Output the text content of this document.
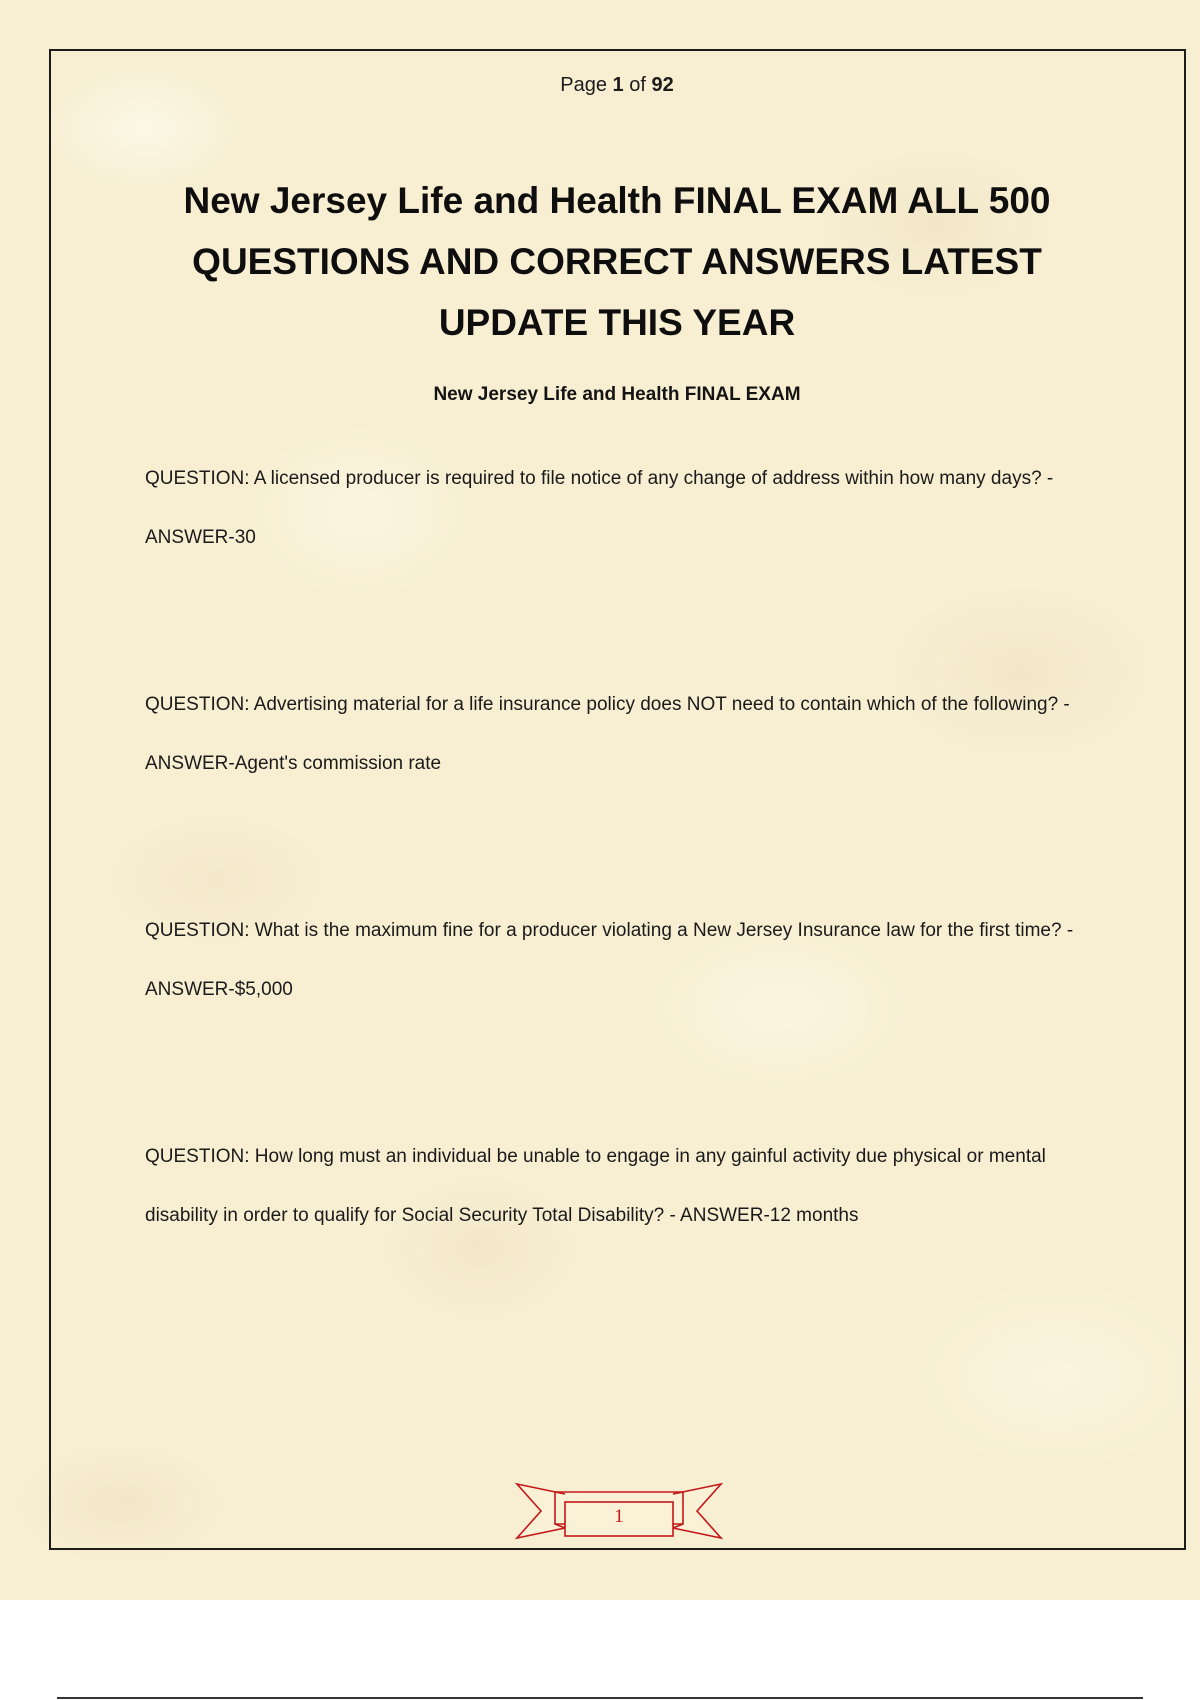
Page 1 of 92
New Jersey Life and Health FINAL EXAM ALL 500 QUESTIONS AND CORRECT ANSWERS LATEST UPDATE THIS YEAR
New Jersey Life and Health FINAL EXAM

QUESTION: A licensed producer is required to file notice of any change of address within how many days? - ANSWER-30

QUESTION: Advertising material for a life insurance policy does NOT need to contain which of the following? - ANSWER-Agent's commission rate

QUESTION: What is the maximum fine for a producer violating a New Jersey Insurance law for the first time? - ANSWER-$5,000

QUESTION: How long must an individual be unable to engage in any gainful activity due physical or mental disability in order to qualify for Social Security Total Disability? - ANSWER-12 months

1
